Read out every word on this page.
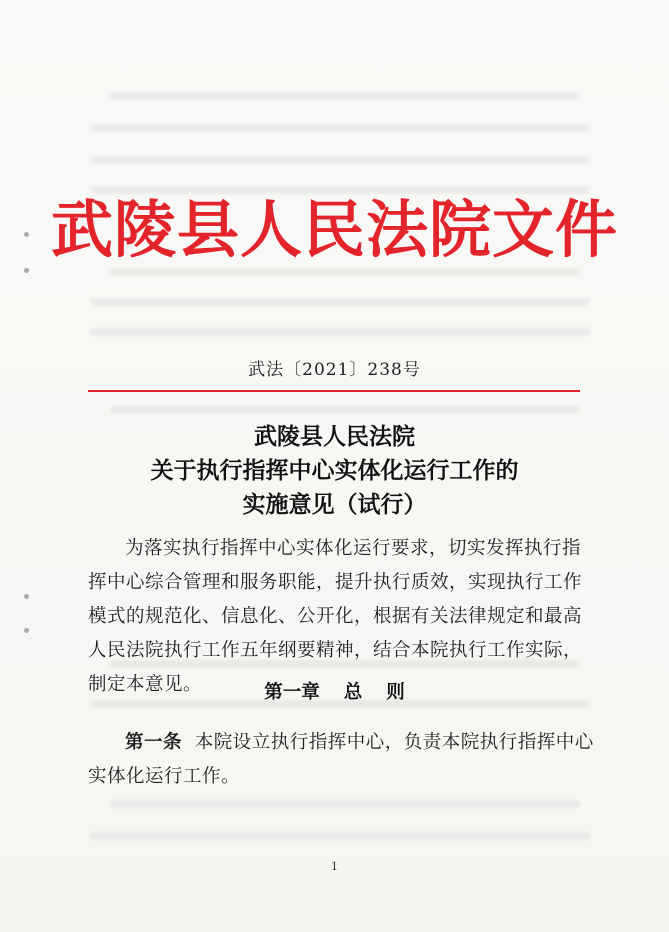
武陵县人民法院文件
武法〔2021〕238号
武陵县人民法院
关于执行指挥中心实体化运行工作的
实施意见（试行）
为落实执行指挥中心实体化运行要求，切实发挥执行指挥中心综合管理和服务职能，提升执行质效，实现执行工作模式的规范化、信息化、公开化，根据有关法律规定和最高人民法院执行工作五年纲要精神，结合本院执行工作实际，制定本意见。	第一章 总 则
第一条 本院设立执行指挥中心，负责本院执行指挥中心实体化运行工作。
1
